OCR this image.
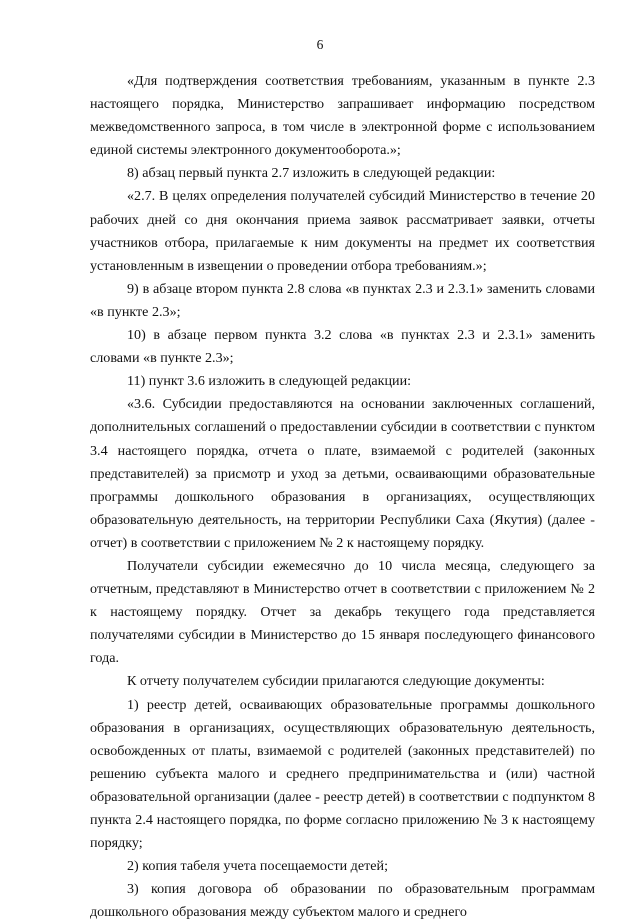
6

«Для подтверждения соответствия требованиям, указанным в пункте 2.3 настоящего порядка, Министерство запрашивает информацию посредством межведомственного запроса, в том числе в электронной форме с использованием единой системы электронного документооборота.»;

8) абзац первый пункта 2.7 изложить в следующей редакции:

«2.7. В целях определения получателей субсидий Министерство в течение 20 рабочих дней со дня окончания приема заявок рассматривает заявки, отчеты участников отбора, прилагаемые к ним документы на предмет их соответствия установленным в извещении о проведении отбора требованиям.»;

9) в абзаце втором пункта 2.8 слова «в пунктах 2.3 и 2.3.1» заменить словами «в пункте 2.3»;

10) в абзаце первом пункта 3.2 слова «в пунктах 2.3 и 2.3.1» заменить словами «в пункте 2.3»;

11) пункт 3.6 изложить в следующей редакции:

«3.6. Субсидии предоставляются на основании заключенных соглашений, дополнительных соглашений о предоставлении субсидии в соответствии с пунктом 3.4 настоящего порядка, отчета о плате, взимаемой с родителей (законных представителей) за присмотр и уход за детьми, осваивающими образовательные программы дошкольного образования в организациях, осуществляющих образовательную деятельность, на территории Республики Саха (Якутия) (далее - отчет) в соответствии с приложением № 2 к настоящему порядку.

Получатели субсидии ежемесячно до 10 числа месяца, следующего за отчетным, представляют в Министерство отчет в соответствии с приложением № 2 к настоящему порядку. Отчет за декабрь текущего года представляется получателями субсидии в Министерство до 15 января последующего финансового года.

К отчету получателем субсидии прилагаются следующие документы:

1) реестр детей, осваивающих образовательные программы дошкольного образования в организациях, осуществляющих образовательную деятельность, освобожденных от платы, взимаемой с родителей (законных представителей) по решению субъекта малого и среднего предпринимательства и (или) частной образовательной организации (далее - реестр детей) в соответствии с подпунктом 8 пункта 2.4 настоящего порядка, по форме согласно приложению № 3 к настоящему порядку;

2) копия табеля учета посещаемости детей;

3) копия договора об образовании по образовательным программам дошкольного образования между субъектом малого и среднего
